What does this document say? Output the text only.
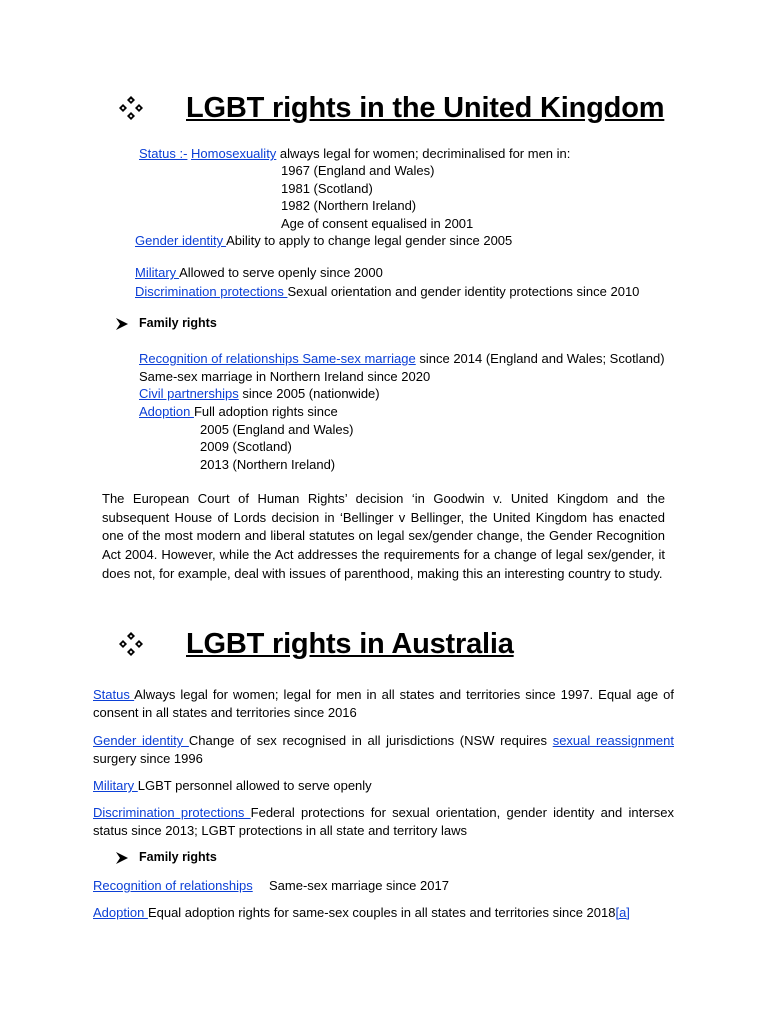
LGBT rights in the United Kingdom
Status :- Homosexuality always legal for women; decriminalised for men in:
1967 (England and Wales)
1981 (Scotland)
1982 (Northern Ireland)
Age of consent equalised in 2001
Gender identity Ability to apply to change legal gender since 2005
Military Allowed to serve openly since 2000
Discrimination protections Sexual orientation and gender identity protections since 2010
Family rights
Recognition of relationships Same-sex marriage since 2014 (England and Wales; Scotland)
Same-sex marriage in Northern Ireland since 2020
Civil partnerships since 2005 (nationwide)
Adoption Full adoption rights since
2005 (England and Wales)
2009 (Scotland)
2013 (Northern Ireland)
The European Court of Human Rights’ decision ‘in Goodwin v. United Kingdom and the subsequent House of Lords decision in ‘Bellinger v Bellinger, the United Kingdom has enacted one of the most modern and liberal statutes on legal sex/gender change, the Gender Recognition Act 2004. However, while the Act addresses the requirements for a change of legal sex/gender, it does not, for example, deal with issues of parenthood, making this an interesting country to study.
LGBT rights in Australia
Status Always legal for women; legal for men in all states and territories since 1997. Equal age of consent in all states and territories since 2016
Gender identity Change of sex recognised in all jurisdictions (NSW requires sexual reassignment surgery since 1996
Military LGBT personnel allowed to serve openly
Discrimination protections Federal protections for sexual orientation, gender identity and intersex status since 2013; LGBT protections in all state and territory laws
Family rights
Recognition of relationships Same-sex marriage since 2017
Adoption Equal adoption rights for same-sex couples in all states and territories since 2018[a]
